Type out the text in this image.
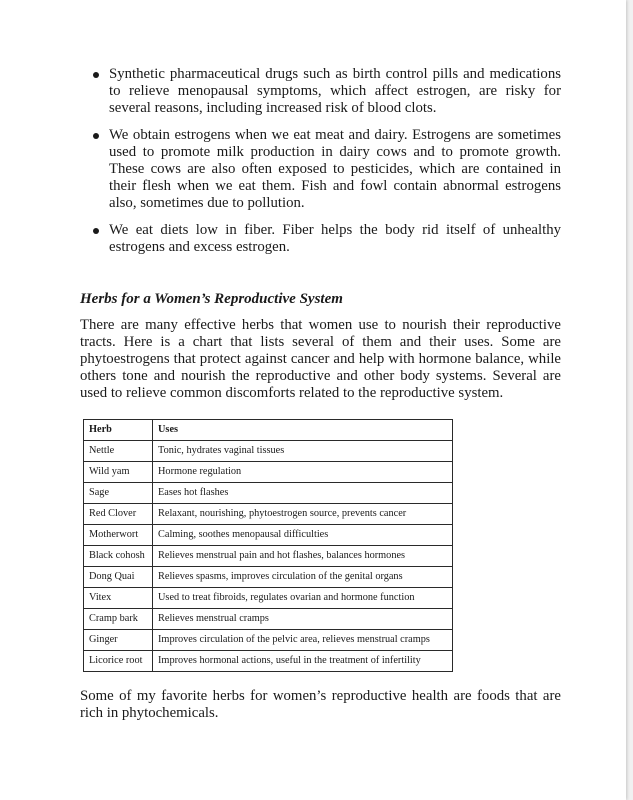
Synthetic pharmaceutical drugs such as birth control pills and medications to relieve menopausal symptoms, which affect estrogen, are risky for several reasons, including increased risk of blood clots.
We obtain estrogens when we eat meat and dairy. Estrogens are sometimes used to promote milk production in dairy cows and to promote growth. These cows are also often exposed to pesticides, which are contained in their flesh when we eat them. Fish and fowl contain abnormal estrogens also, sometimes due to pollution.
We eat diets low in fiber. Fiber helps the body rid itself of unhealthy estrogens and excess estrogen.
Herbs for a Women’s Reproductive System
There are many effective herbs that women use to nourish their reproductive tracts. Here is a chart that lists several of them and their uses. Some are phytoestrogens that protect against cancer and help with hormone balance, while others tone and nourish the reproductive and other body systems. Several are used to relieve common discomforts related to the reproductive system.
Herb	Uses
Nettle	Tonic, hydrates vaginal tissues
Wild yam	Hormone regulation
Sage	Eases hot flashes
Red Clover	Relaxant, nourishing, phytoestrogen source, prevents cancer
Motherwort	Calming, soothes menopausal difficulties
Black cohosh	Relieves menstrual pain and hot flashes, balances hormones
Dong Quai	Relieves spasms, improves circulation of the genital organs
Vitex	Used to treat fibroids, regulates ovarian and hormone function
Cramp bark	Relieves menstrual cramps
Ginger	Improves circulation of the pelvic area, relieves menstrual cramps
Licorice root	Improves hormonal actions, useful in the treatment of infertility
Some of my favorite herbs for women’s reproductive health are foods that are rich in phytochemicals.
